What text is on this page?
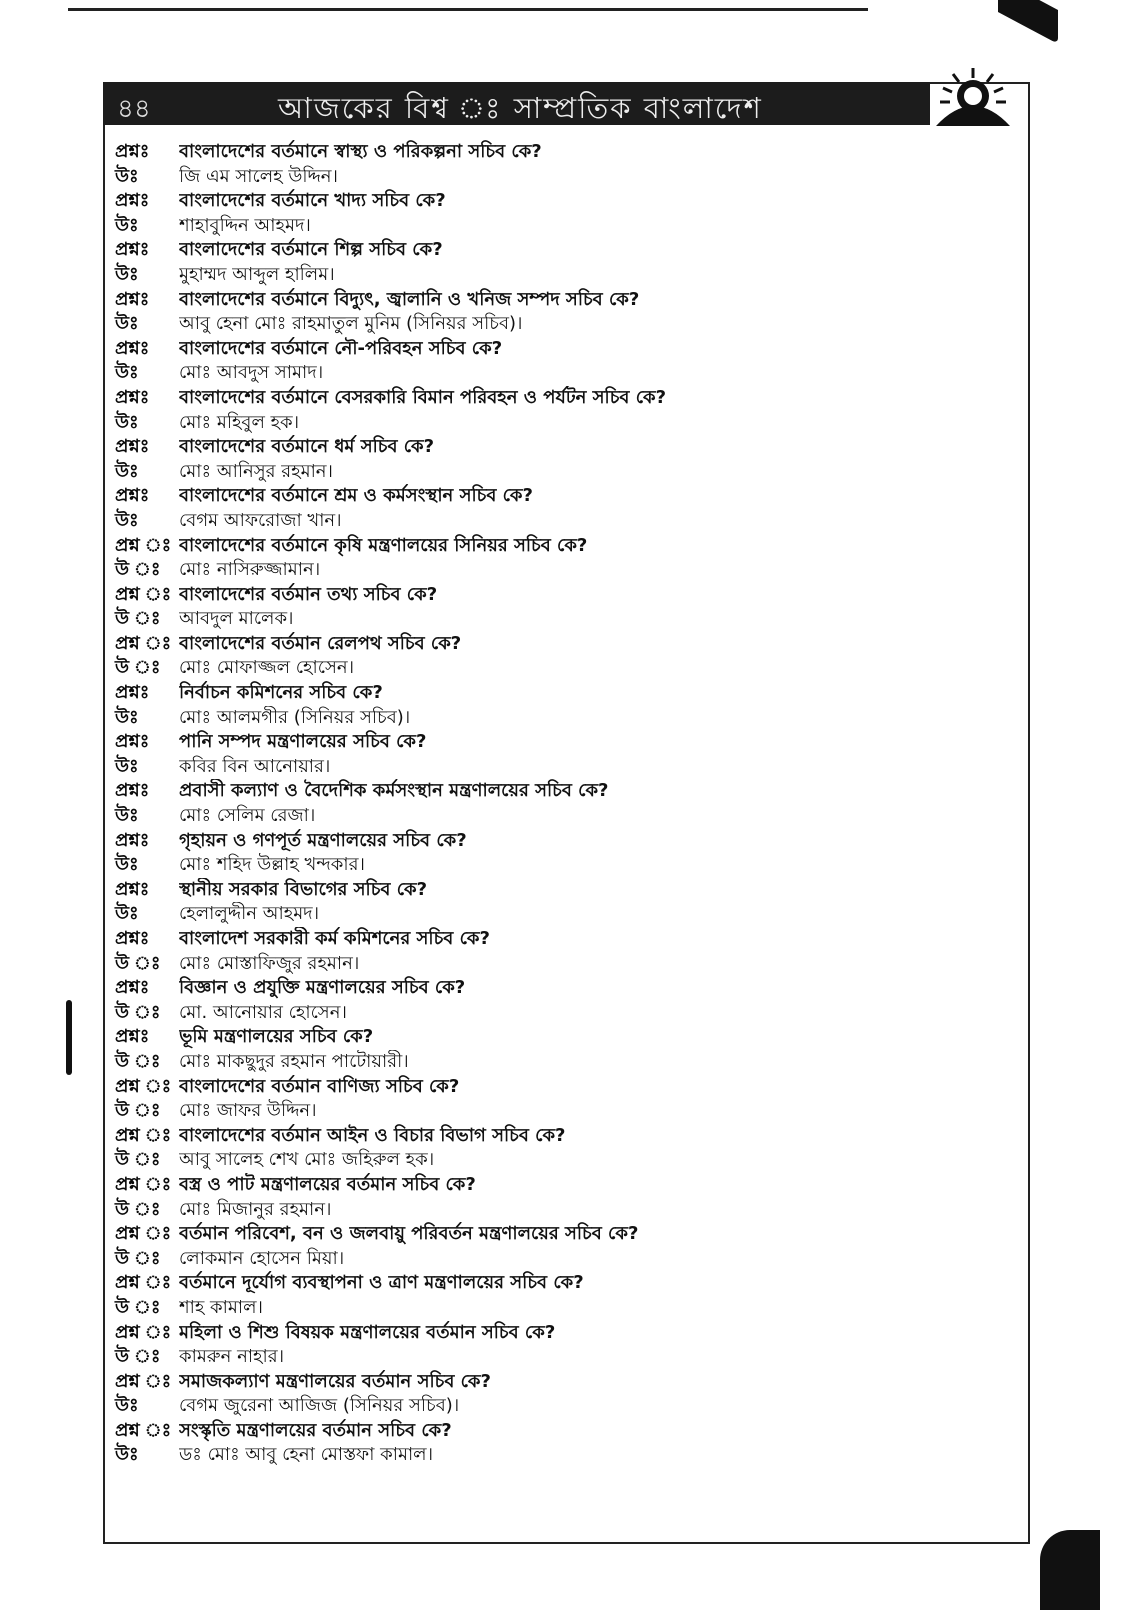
৪৪	আজকের বিশ্ব ঃ সাম্প্রতিক বাংলাদেশ
প্রশ্নঃ	বাংলাদেশের বর্তমানে স্বাস্থ্য ও পরিকল্পনা সচিব কে?
উঃ	জি এম সালেহ উদ্দিন।
প্রশ্নঃ	বাংলাদেশের বর্তমানে খাদ্য সচিব কে?
উঃ	শাহাবুদ্দিন আহমদ।
প্রশ্নঃ	বাংলাদেশের বর্তমানে শিল্প সচিব কে?
উঃ	মুহাম্মদ আব্দুল হালিম।
প্রশ্নঃ	বাংলাদেশের বর্তমানে বিদ্যুৎ, জ্বালানি ও খনিজ সম্পদ সচিব কে?
উঃ	আবু হেনা মোঃ রাহমাতুল মুনিম (সিনিয়র সচিব)।
প্রশ্নঃ	বাংলাদেশের বর্তমানে নৌ-পরিবহন সচিব কে?
উঃ	মোঃ আবদুস সামাদ।
প্রশ্নঃ	বাংলাদেশের বর্তমানে বেসরকারি বিমান পরিবহন ও পর্যটন সচিব কে?
উঃ	মোঃ মহিবুল হক।
প্রশ্নঃ	বাংলাদেশের বর্তমানে ধর্ম সচিব কে?
উঃ	মোঃ আনিসুর রহমান।
প্রশ্নঃ	বাংলাদেশের বর্তমানে শ্রম ও কর্মসংস্থান সচিব কে?
উঃ	বেগম আফরোজা খান।
প্রশ্ন ঃ বাংলাদেশের বর্তমানে কৃষি মন্ত্রণালয়ের সিনিয়র সচিব কে?
উ ঃ	মোঃ নাসিরুজ্জামান।
প্রশ্ন ঃ বাংলাদেশের বর্তমান তথ্য সচিব কে?
উ ঃ	আবদুল মালেক।
প্রশ্ন ঃ বাংলাদেশের বর্তমান রেলপথ সচিব কে?
উ ঃ	মোঃ মোফাজ্জল হোসেন।
প্রশ্নঃ	নির্বাচন কমিশনের সচিব কে?
উঃ	মোঃ আলমগীর (সিনিয়র সচিব)।
প্রশ্নঃ	পানি সম্পদ মন্ত্রণালয়ের সচিব কে?
উঃ	কবির বিন আনোয়ার।
প্রশ্নঃ	প্রবাসী কল্যাণ ও বৈদেশিক কর্মসংস্থান মন্ত্রণালয়ের সচিব কে?
উঃ	মোঃ সেলিম রেজা।
প্রশ্নঃ	গৃহায়ন ও গণপূর্ত মন্ত্রণালয়ের সচিব কে?
উঃ	মোঃ শহিদ উল্লাহ খন্দকার।
প্রশ্নঃ	স্থানীয় সরকার বিভাগের সচিব কে?
উঃ	হেলালুদ্দীন আহমদ।
প্রশ্নঃ	বাংলাদেশ সরকারী কর্ম কমিশনের সচিব কে?
উ ঃ	মোঃ মোস্তাফিজুর রহমান।
প্রশ্নঃ	বিজ্ঞান ও প্রযুক্তি মন্ত্রণালয়ের সচিব কে?
উ ঃ	মো. আনোয়ার হোসেন।
প্রশ্নঃ	ভূমি মন্ত্রণালয়ের সচিব কে?
উ ঃ	মোঃ মাকছুদুর রহমান পাটোয়ারী।
প্রশ্ন ঃ বাংলাদেশের বর্তমান বাণিজ্য সচিব কে?
উ ঃ	মোঃ জাফর উদ্দিন।
প্রশ্ন ঃ বাংলাদেশের বর্তমান আইন ও বিচার বিভাগ সচিব কে?
উ ঃ	আবু সালেহ শেখ মোঃ জহিরুল হক।
প্রশ্ন ঃ বস্ত্র ও পাট মন্ত্রণালয়ের বর্তমান সচিব কে?
উ ঃ	মোঃ মিজানুর রহমান।
প্রশ্ন ঃ বর্তমান পরিবেশ, বন ও জলবায়ু পরিবর্তন মন্ত্রণালয়ের সচিব কে?
উ ঃ	লোকমান হোসেন মিয়া।
প্রশ্ন ঃ বর্তমানে দূর্যোগ ব্যবস্থাপনা ও ত্রাণ মন্ত্রণালয়ের সচিব কে?
উ ঃ	শাহ কামাল।
প্রশ্ন ঃ মহিলা ও শিশু বিষয়ক মন্ত্রণালয়ের বর্তমান সচিব কে?
উ ঃ	কামরুন নাহার।
প্রশ্ন ঃ সমাজকল্যাণ মন্ত্রণালয়ের বর্তমান সচিব কে?
উঃ	বেগম জুরেনা আজিজ (সিনিয়র সচিব)।
প্রশ্ন ঃ সংস্কৃতি মন্ত্রণালয়ের বর্তমান সচিব কে?
উঃ	ডঃ মোঃ আবু হেনা মোস্তফা কামাল।
